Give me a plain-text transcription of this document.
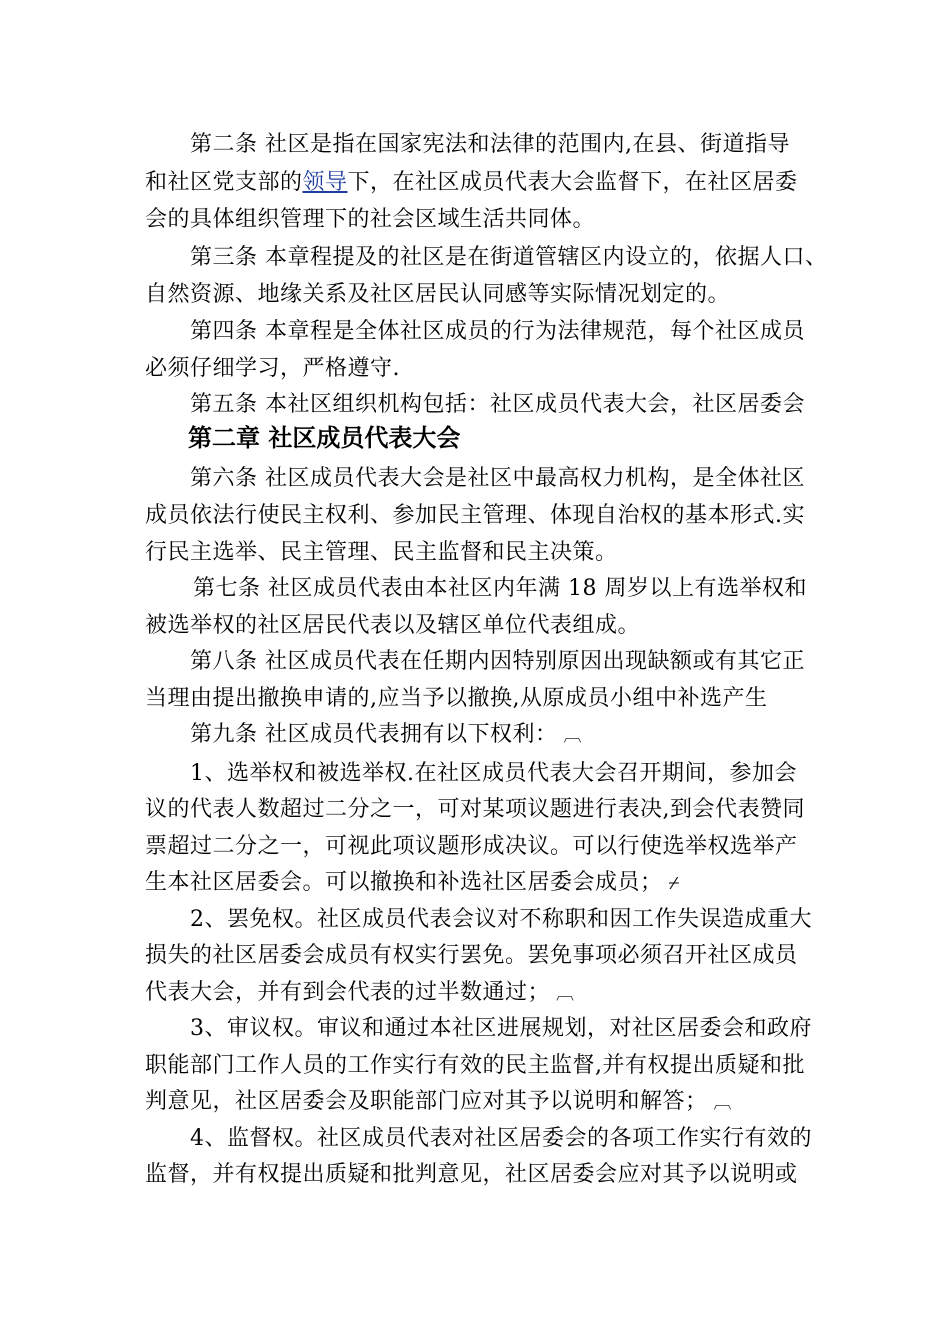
第二条 社区是指在国家宪法和法律的范围内,在县、街道指导
和社区党支部的领导下，在社区成员代表大会监督下，在社区居委
会的具体组织管理下的社会区域生活共同体。
第三条 本章程提及的社区是在街道管辖区内设立的，依据人口、
自然资源、地缘关系及社区居民认同感等实际情况划定的。
第四条 本章程是全体社区成员的行为法律规范，每个社区成员
必须仔细学习，严格遵守.
第五条 本社区组织机构包括：社区成员代表大会，社区居委会
第二章 社区成员代表大会
第六条 社区成员代表大会是社区中最高权力机构，是全体社区
成员依法行使民主权利、参加民主管理、体现自治权的基本形式.实
行民主选举、民主管理、民主监督和民主决策。
第七条 社区成员代表由本社区内年满 18 周岁以上有选举权和
被选举权的社区居民代表以及辖区单位代表组成。
第八条 社区成员代表在任期内因特别原因出现缺额或有其它正
当理由提出撤换申请的,应当予以撤换,从原成员小组中补选产生
第九条 社区成员代表拥有以下权利： ︹
1、选举权和被选举权.在社区成员代表大会召开期间，参加会
议的代表人数超过二分之一，可对某项议题进行表决,到会代表赞同
票超过二分之一，可视此项议题形成决议。可以行使选举权选举产
生本社区居委会。可以撤换和补选社区居委会成员； ⌿
2、罢免权。社区成员代表会议对不称职和因工作失误造成重大
损失的社区居委会成员有权实行罢免。罢免事项必须召开社区成员
代表大会，并有到会代表的过半数通过； ︹
3、审议权。审议和通过本社区进展规划，对社区居委会和政府
职能部门工作人员的工作实行有效的民主监督,并有权提出质疑和批
判意见，社区居委会及职能部门应对其予以说明和解答； ︹
4、监督权。社区成员代表对社区居委会的各项工作实行有效的
监督，并有权提出质疑和批判意见，社区居委会应对其予以说明或
